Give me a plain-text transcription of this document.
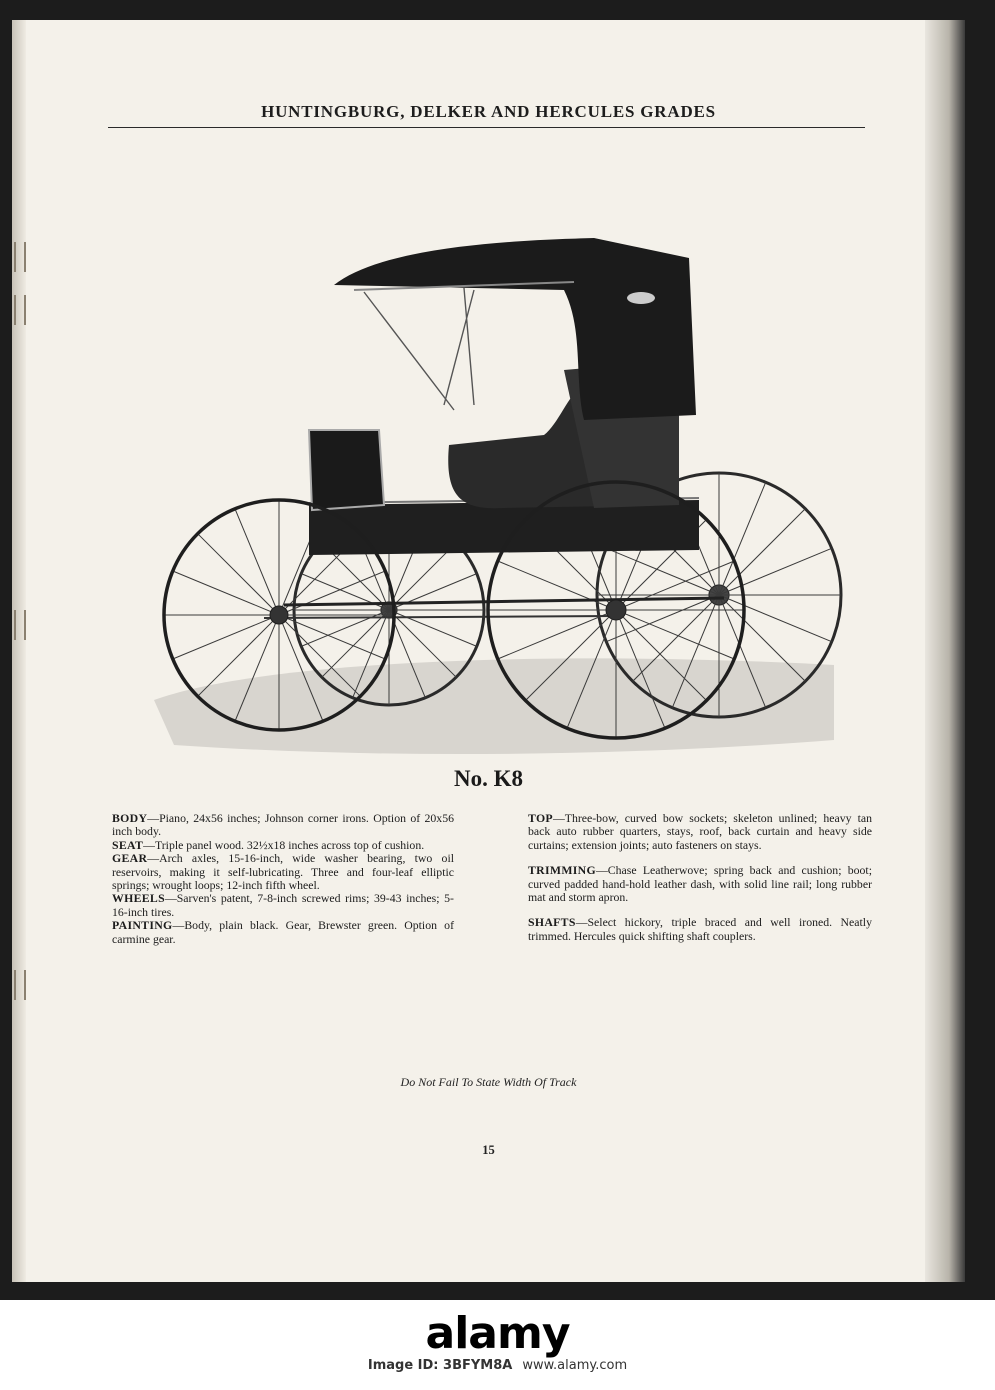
HUNTINGBURG, DELKER AND HERCULES GRADES
No. K8

BODY—Piano, 24x56 inches; Johnson corner irons. Option of 20x56 inch body.

SEAT—Triple panel wood. 32½x18 inches across top of cushion.

GEAR—Arch axles, 15-16-inch, wide washer bearing, two oil reservoirs, making it self-lubricating. Three and four-leaf elliptic springs; wrought loops; 12-inch fifth wheel.

WHEELS—Sarven's patent, 7-8-inch screwed rims; 39-43 inches; 5-16-inch tires.

PAINTING—Body, plain black. Gear, Brewster green. Option of carmine gear.

TOP—Three-bow, curved bow sockets; skeleton unlined; heavy tan back auto rubber quarters, stays, roof, back curtain and heavy side curtains; extension joints; auto fasteners on stays.

TRIMMING—Chase Leatherwove; spring back and cushion; boot; curved padded hand-hold leather dash, with solid line rail; long rubber mat and storm apron.

SHAFTS—Select hickory, triple braced and well ironed. Neatly trimmed. Hercules quick shifting shaft couplers.

Do Not Fail To State Width Of Track
15
alamy
Image ID: 3BFYM8A www.alamy.com
